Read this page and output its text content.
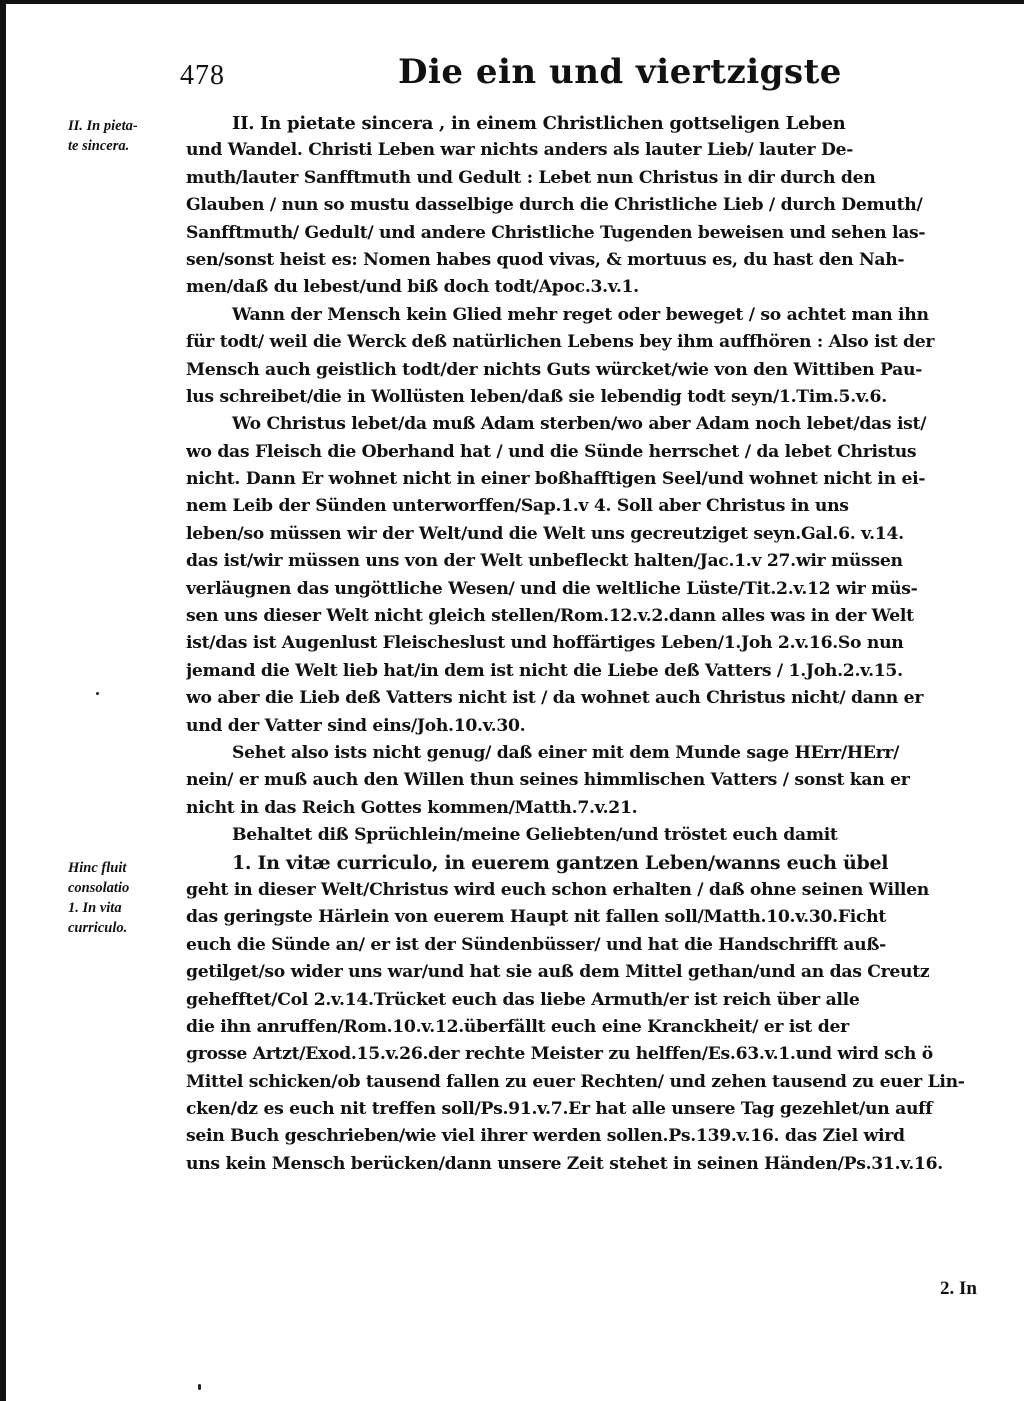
478	Die ein und viertzigste
II. In pieta-
te sincera.
Hinc fluit
consolatio
1. In vita
curriculo.
II. In pietate sincera , in einem Christlichen gottseligen Leben
und Wandel. Christi Leben war nichts anders als lauter Lieb/ lauter De-
muth/lauter Sanfftmuth und Gedult : Lebet nun Christus in dir durch den
Glauben / nun so mustu dasselbige durch die Christliche Lieb / durch Demuth/
Sanfftmuth/ Gedult/ und andere Christliche Tugenden beweisen und sehen las-
sen/sonst heist es: Nomen habes quod vivas, & mortuus es, du hast den Nah-
men/daß du lebest/und biß doch todt/Apoc.3.v.1.
Wann der Mensch kein Glied mehr reget oder beweget / so achtet man ihn
für todt/ weil die Werck deß natürlichen Lebens bey ihm auffhören : Also ist der
Mensch auch geistlich todt/der nichts Guts würcket/wie von den Wittiben Pau-
lus schreibet/die in Wollüsten leben/daß sie lebendig todt seyn/1.Tim.5.v.6.
Wo Christus lebet/da muß Adam sterben/wo aber Adam noch lebet/das ist/
wo das Fleisch die Oberhand hat / und die Sünde herrschet / da lebet Christus
nicht. Dann Er wohnet nicht in einer boßhafftigen Seel/und wohnet nicht in ei-
nem Leib der Sünden unterworffen/Sap.1.v 4. Soll aber Christus in uns
leben/so müssen wir der Welt/und die Welt uns gecreutziget seyn.Gal.6. v.14.
das ist/wir müssen uns von der Welt unbefleckt halten/Jac.1.v 27.wir müssen
verläugnen das ungöttliche Wesen/ und die weltliche Lüste/Tit.2.v.12 wir müs-
sen uns dieser Welt nicht gleich stellen/Rom.12.v.2.dann alles was in der Welt
ist/das ist Augenlust Fleischeslust und hoffärtiges Leben/1.Joh 2.v.16.So nun
jemand die Welt lieb hat/in dem ist nicht die Liebe deß Vatters / 1.Joh.2.v.15.
wo aber die Lieb deß Vatters nicht ist / da wohnet auch Christus nicht/ dann er
und der Vatter sind eins/Joh.10.v.30.
Sehet also ists nicht genug/ daß einer mit dem Munde sage HErr/HErr/
nein/ er muß auch den Willen thun seines himmlischen Vatters / sonst kan er
nicht in das Reich Gottes kommen/Matth.7.v.21.
Behaltet diß Sprüchlein/meine Geliebten/und tröstet euch damit
1. In vitæ curriculo, in euerem gantzen Leben/wanns euch übel
geht in dieser Welt/Christus wird euch schon erhalten / daß ohne seinen Willen
das geringste Härlein von euerem Haupt nit fallen soll/Matth.10.v.30.Ficht
euch die Sünde an/ er ist der Sündenbüsser/ und hat die Handschrifft auß-
getilget/so wider uns war/und hat sie auß dem Mittel gethan/und an das Creutz
gehefftet/Col 2.v.14.Trücket euch das liebe Armuth/er ist reich über alle
die ihn anruffen/Rom.10.v.12.überfällt euch eine Kranckheit/ er ist der
grosse Artzt/Exod.15.v.26.der rechte Meister zu helffen/Es.63.v.1.und wird sch ö
Mittel schicken/ob tausend fallen zu euer Rechten/ und zehen tausend zu euer Lin-
cken/dz es euch nit treffen soll/Ps.91.v.7.Er hat alle unsere Tag gezehlet/un auff
sein Buch geschrieben/wie viel ihrer werden sollen.Ps.139.v.16. das Ziel wird
uns kein Mensch berücken/dann unsere Zeit stehet in seinen Händen/Ps.31.v.16.
2. In
